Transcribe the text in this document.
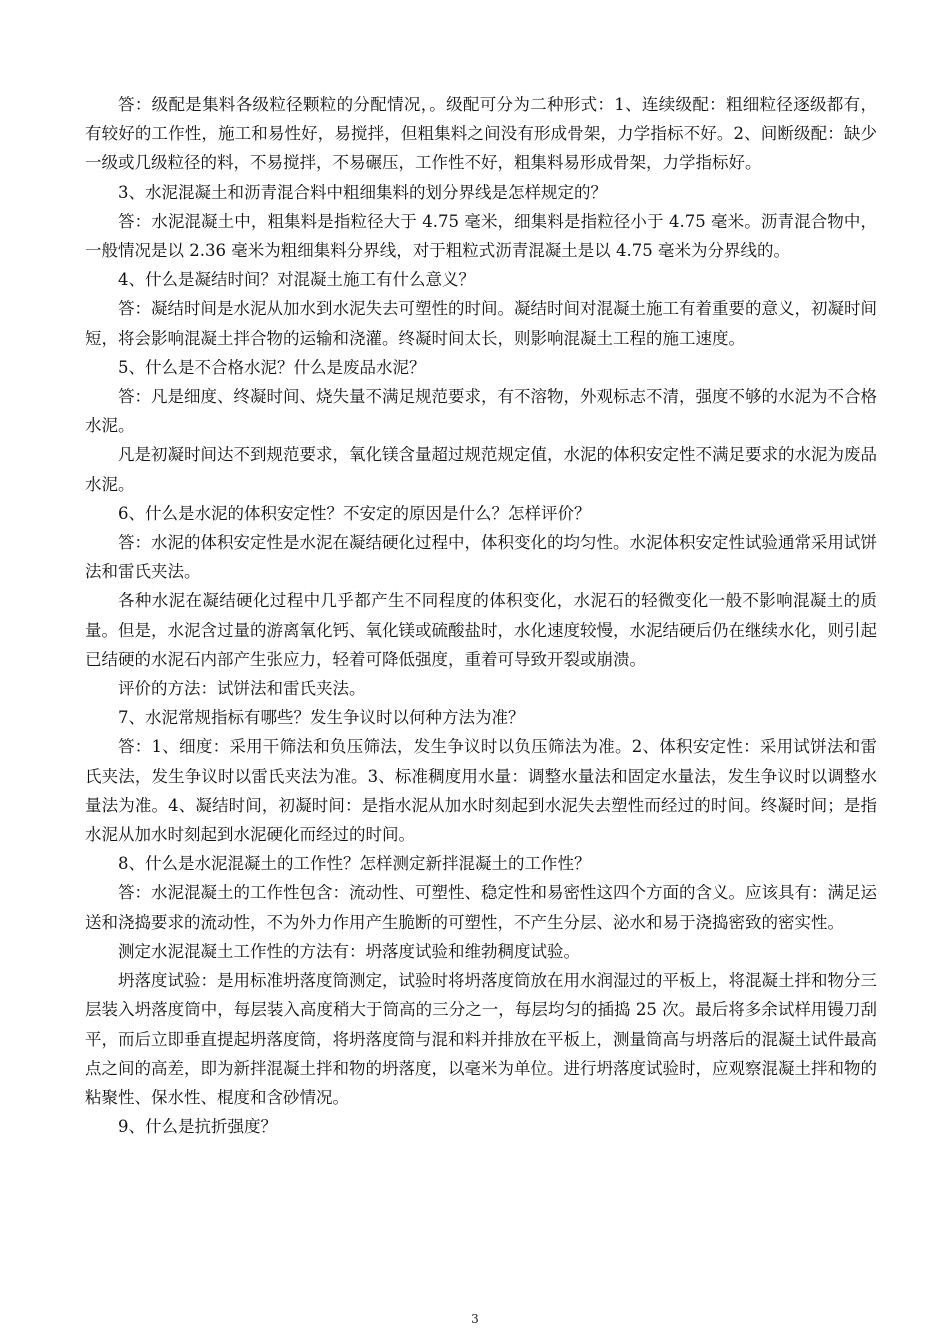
答：级配是集料各级粒径颗粒的分配情况，。级配可分为二种形式：1、连续级配：粗细粒径逐级都有，有较好的工作性，施工和易性好，易搅拌，但粗集料之间没有形成骨架，力学指标不好。2、间断级配：缺少一级或几级粒径的料，不易搅拌，不易碾压，工作性不好，粗集料易形成骨架，力学指标好。

3、水泥混凝土和沥青混合料中粗细集料的划分界线是怎样规定的？

答：水泥混凝土中，粗集料是指粒径大于 4.75 毫米，细集料是指粒径小于 4.75 毫米。沥青混合物中，一般情况是以 2.36 毫米为粗细集料分界线，对于粗粒式沥青混凝土是以 4.75 毫米为分界线的。

4、什么是凝结时间？对混凝土施工有什么意义？

答：凝结时间是水泥从加水到水泥失去可塑性的时间。凝结时间对混凝土施工有着重要的意义，初凝时间短，将会影响混凝土拌合物的运输和浇灌。终凝时间太长，则影响混凝土工程的施工速度。

5、什么是不合格水泥？什么是废品水泥？

答：凡是细度、终凝时间、烧失量不满足规范要求，有不溶物，外观标志不清，强度不够的水泥为不合格水泥。

凡是初凝时间达不到规范要求，氧化镁含量超过规范规定值，水泥的体积安定性不满足要求的水泥为废品水泥。

6、什么是水泥的体积安定性？不安定的原因是什么？怎样评价？

答：水泥的体积安定性是水泥在凝结硬化过程中，体积变化的均匀性。水泥体积安定性试验通常采用试饼法和雷氏夹法。

各种水泥在凝结硬化过程中几乎都产生不同程度的体积变化，水泥石的轻微变化一般不影响混凝土的质量。但是，水泥含过量的游离氧化钙、氧化镁或硫酸盐时，水化速度较慢，水泥结硬后仍在继续水化，则引起已结硬的水泥石内部产生张应力，轻着可降低强度，重着可导致开裂或崩溃。

评价的方法：试饼法和雷氏夹法。

7、水泥常规指标有哪些？发生争议时以何种方法为准？

答：1、细度：采用干筛法和负压筛法，发生争议时以负压筛法为准。2、体积安定性：采用试饼法和雷氏夹法，发生争议时以雷氏夹法为准。3、标准稠度用水量：调整水量法和固定水量法，发生争议时以调整水量法为准。4、凝结时间，初凝时间：是指水泥从加水时刻起到水泥失去塑性而经过的时间。终凝时间；是指水泥从加水时刻起到水泥硬化而经过的时间。

8、什么是水泥混凝土的工作性？怎样测定新拌混凝土的工作性？

答：水泥混凝土的工作性包含：流动性、可塑性、稳定性和易密性这四个方面的含义。应该具有：满足运送和浇捣要求的流动性，不为外力作用产生脆断的可塑性，不产生分层、泌水和易于浇捣密致的密实性。

测定水泥混凝土工作性的方法有：坍落度试验和维勃稠度试验。

坍落度试验：是用标准坍落度筒测定，试验时将坍落度筒放在用水润湿过的平板上，将混凝土拌和物分三层装入坍落度筒中，每层装入高度稍大于筒高的三分之一，每层均匀的插捣 25 次。最后将多余试样用镘刀刮平，而后立即垂直提起坍落度筒，将坍落度筒与混和料并排放在平板上，测量筒高与坍落后的混凝土试件最高点之间的高差，即为新拌混凝土拌和物的坍落度，以毫米为单位。进行坍落度试验时，应观察混凝土拌和物的粘聚性、保水性、棍度和含砂情况。

9、什么是抗折强度？

3
